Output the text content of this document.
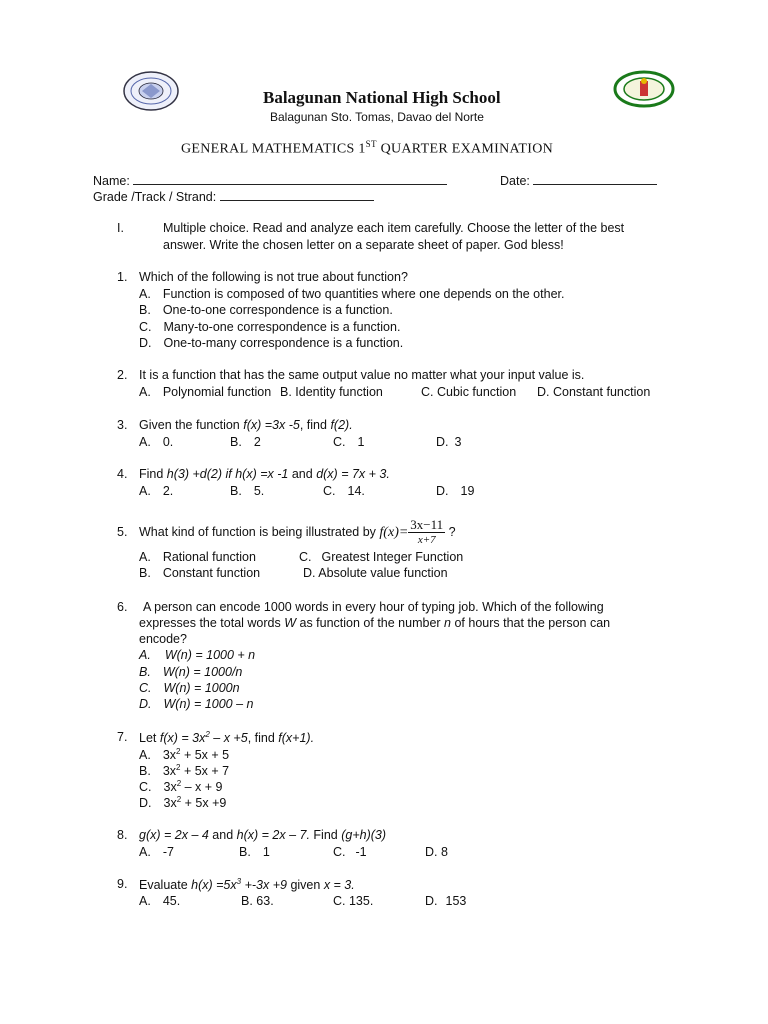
Balagunan National High School
Balagunan Sto. Tomas, Davao del Norte
GENERAL MATHEMATICS 1ST QUARTER EXAMINATION
Name:	Date:
Grade /Track / Strand:
I.	Multiple choice. Read and analyze each item carefully. Choose the letter of the best
answer. Write the chosen letter on a separate sheet of paper. God bless!
1. Which of the following is not true about function?
A. Function is composed of two quantities where one depends on the other.
B. One-to-one correspondence is a function.
C. Many-to-one correspondence is a function.
D. One-to-many correspondence is a function.
2. It is a function that has the same output value no matter what your input value is.
A. Polynomial function B. Identity function	C. Cubic function D. Constant function
3. Given the function f(x) =3x -5, find f(2).
A. 0.	B. 2	C. 1	D. 3
4. Find h(3) +d(2) if h(x) =x -1 and d(x) = 7x + 3.
A. 2.	B. 5.	C. 14.	D. 19
5. What kind of function is being illustrated by $f(x)= \frac{3x-11}{x+7}$ ?
A. Rational function	C. Greatest Integer Function
B. Constant function	D. Absolute value function
6. A person can encode 1000 words in every hour of typing job. Which of the following
expresses the total words W as function of the number n of hours that the person can
encode?
A. W(n) = 1000 + n
B. W(n) = 1000/n
C. W(n) = 1000n
D. W(n) = 1000 – n
7. Let $f(x) = 3x^2 - x +5$, find f(x+1).
A. $3x^2 + 5x + 5$
B. $3x^2 + 5x + 7$
C. $3x^2 - x + 9$
D. $3x^2 + 5x +9$
8. g(x) = 2x – 4 and h(x) = 2x – 7. Find (g+h)(3)
A. -7	B. 1	C. -1	D. 8
9. Evaluate $h(x) =5x^3 +-3x +9$ given x = 3.
A. 45.	B. 63.	C. 135.	D. 153
